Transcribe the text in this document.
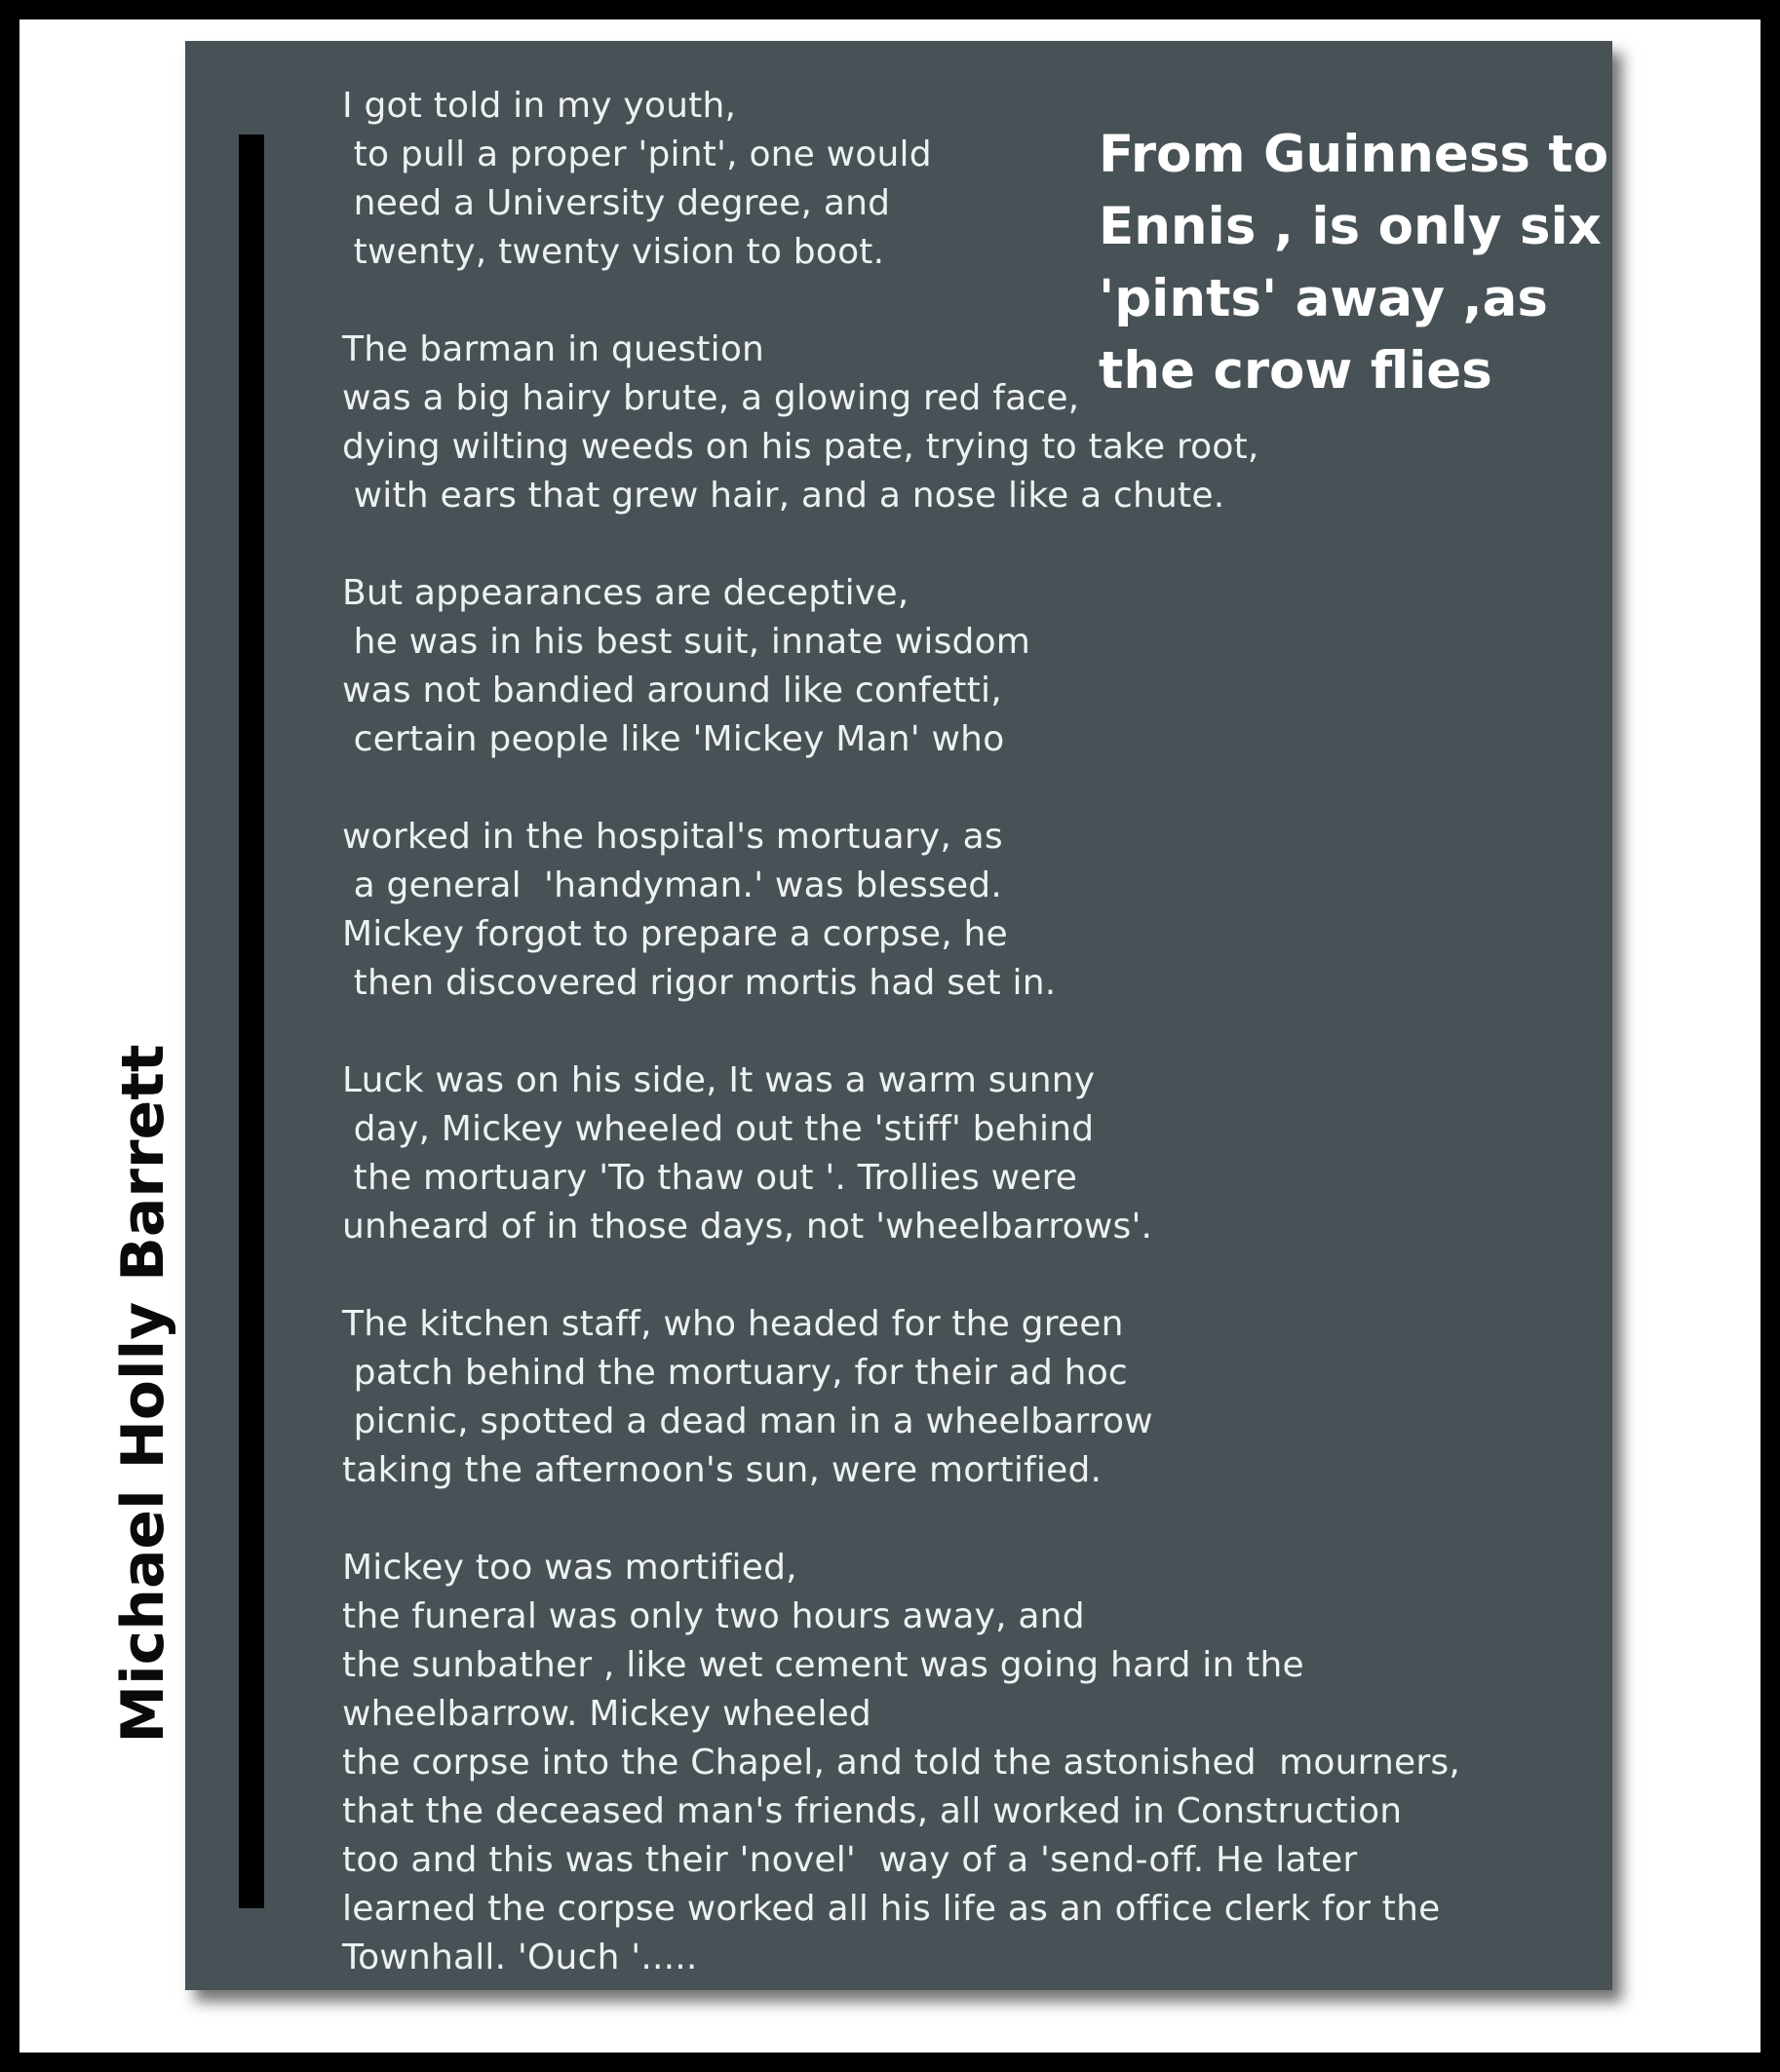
Michael Holly Barrett
From Guinness to
Ennis , is only six
'pints' away ,as
the crow flies
I got told in my youth,
to pull a proper 'pint', one would
need a University degree, and
twenty, twenty vision to boot.
The barman in question
was a big hairy brute, a glowing red face,
dying wilting weeds on his pate, trying to take root,
with ears that grew hair, and a nose like a chute.
But appearances are deceptive,
he was in his best suit, innate wisdom
was not bandied around like confetti,
certain people like 'Mickey Man' who
worked in the hospital's mortuary, as
a general  'handyman.' was blessed.
Mickey forgot to prepare a corpse, he
then discovered rigor mortis had set in.
Luck was on his side, It was a warm sunny
day, Mickey wheeled out the 'stiff' behind
the mortuary 'To thaw out '. Trollies were
unheard of in those days, not 'wheelbarrows'.
The kitchen staff, who headed for the green
patch behind the mortuary, for their ad hoc
picnic, spotted a dead man in a wheelbarrow
taking the afternoon's sun, were mortified.
Mickey too was mortified,
the funeral was only two hours away, and
the sunbather , like wet cement was going hard in the
wheelbarrow. Mickey wheeled
the corpse into the Chapel, and told the astonished  mourners,
that the deceased man's friends, all worked in Construction
too and this was their 'novel'  way of a 'send-off. He later
learned the corpse worked all his life as an office clerk for the
Townhall. 'Ouch '.....
